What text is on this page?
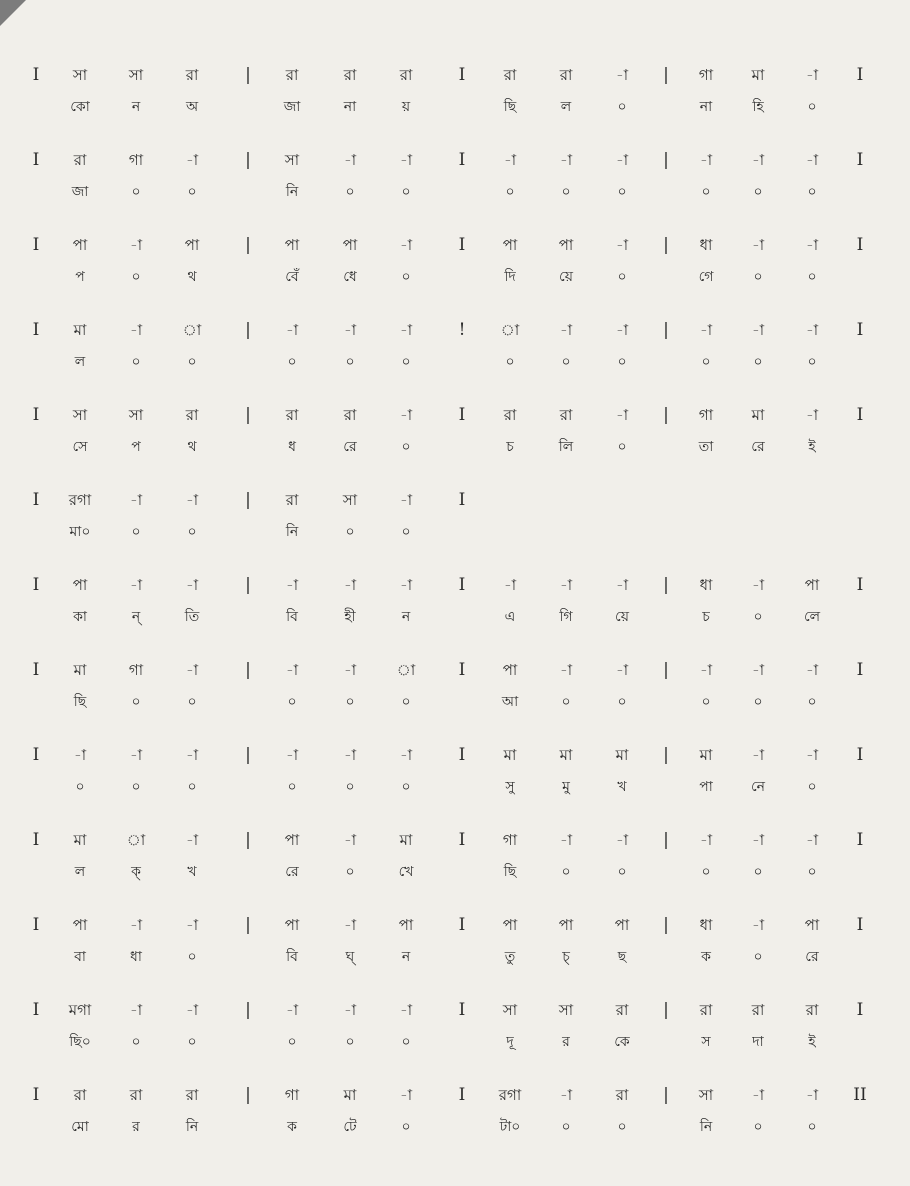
I	সা	সা	রা	|	রা	রা	রা	I	রা	রা	-া	|	গা	মা	-া	I
কো	ন	অ	জা	না	য়	ছি	ল	০	না	হি	০
I	রা	গা	-া	|	সা	-া	-া	I	-া	-া	-া	|	-া	-া	-া	I
জা	০	০	নি	০	০	০	০	০	০	০	০
I	পা	-া	পা	|	পা	পা	-া	I	পা	পা	-া	|	ধা	-া	-া	I
প	০	থ	বেঁ	ধে	০	দি	য়ে	০	গে	০	০
I	মা	-া	া	|	-া	-া	-া	!	া	-া	-া	|	-া	-া	-া	I
ল	০	০	০	০	০	০	০	০	০	০	০
I	সা	সা	রা	|	রা	রা	-া	I	রা	রা	-া	|	গা	মা	-া	I
সে	প	থ	ধ	রে	০	চ	লি	০	তা	রে	ই
I	রগা	-া	-া	|	রা	সা	-া	I
মা০	০	০	নি	০	০
I	পা	-া	-া	|	-া	-া	-া	I	-া	-া	-া	|	ধা	-া	পা	I
কা	ন্	তি	বি	হী	ন	এ	গি	য়ে	চ	০	লে
I	মা	গা	-া	|	-া	-া	া	I	পা	-া	-া	|	-া	-া	-া	I
ছি	০	০	০	০	০	আ	০	০	০	০	০
I	-া	-া	-া	|	-া	-া	-া	I	মা	মা	মা	|	মা	-া	-া	I
০	০	০	০	০	০	সু	মু	খ	পা	নে	০
I	মা	া	-া	|	পা	-া	মা	I	গা	-া	-া	|	-া	-া	-া	I
ল	ক্	খ	রে	০	খে	ছি	০	০	০	০	০
I	পা	-া	-া	|	পা	-া	পা	I	পা	পা	পা	|	ধা	-া	পা	I
বা	ধা	০	বি	ঘ্	ন	তু	চ্	ছ	ক	০	রে
I	মগা	-া	-া	|	-া	-া	-া	I	সা	সা	রা	|	রা	রা	রা	I
ছি০	০	০	০	০	০	দূ	র	কে	স	দা	ই
I	রা	রা	রা	|	গা	মা	-া	I	রগা	-া	রা	|	সা	-া	-া	II
মো	র	নি	ক	টে	০	টা০	০	০	নি	০	০
